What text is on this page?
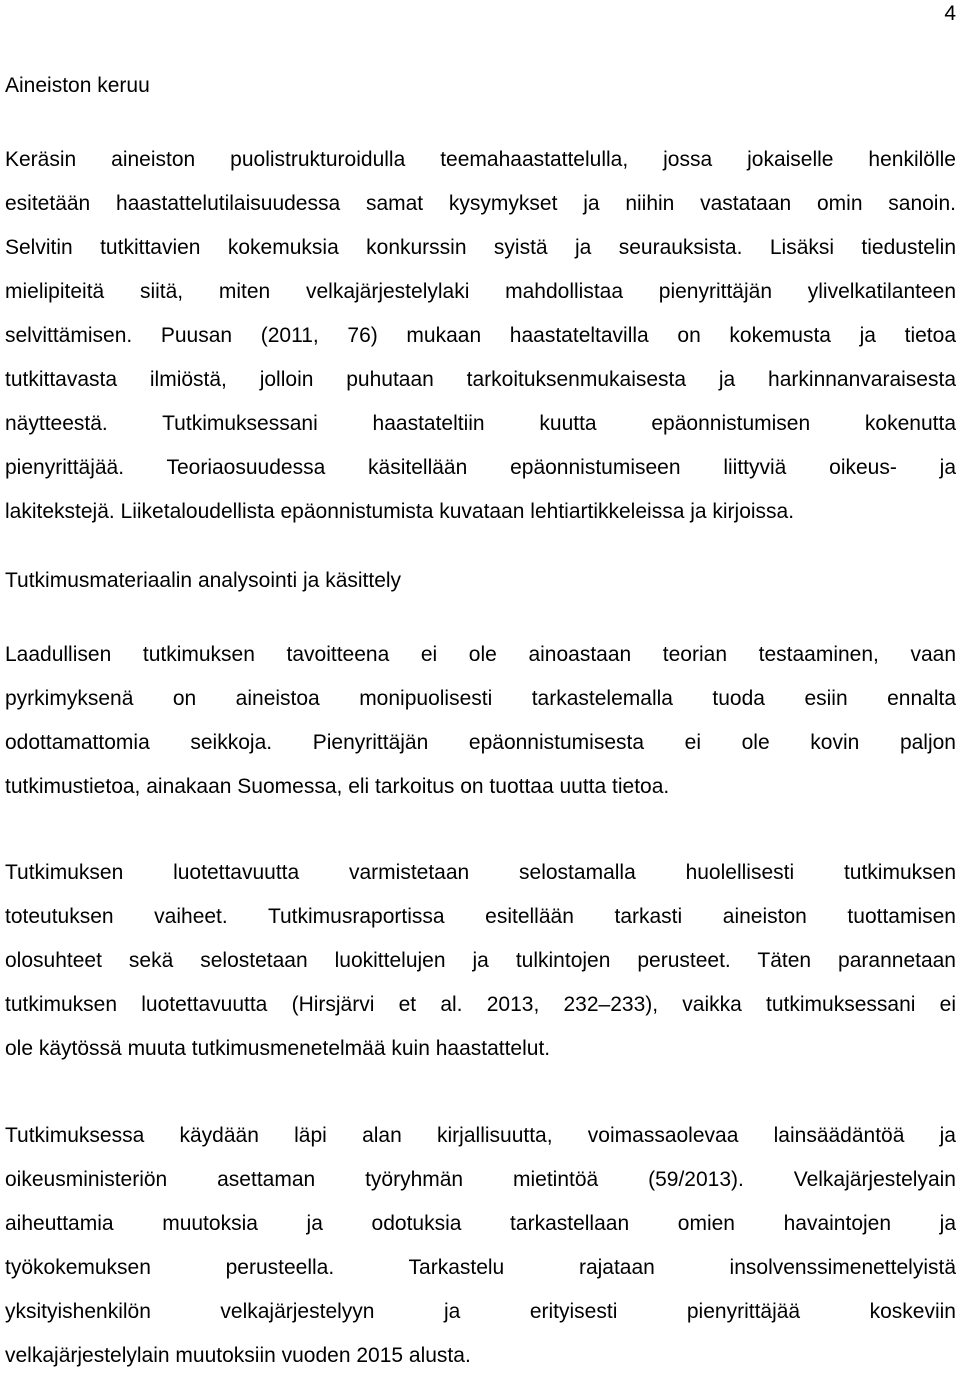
4
Aineiston keruu
Keräsin aineiston puolistrukturoidulla teemahaastattelulla, jossa jokaiselle henkilölle
esitetään haastattelutilaisuudessa samat kysymykset ja niihin vastataan omin sanoin.
Selvitin tutkittavien kokemuksia konkurssin syistä ja seurauksista. Lisäksi tiedustelin
mielipiteitä siitä, miten velkajärjestelylaki mahdollistaa pienyrittäjän ylivelkatilanteen
selvittämisen. Puusan (2011, 76) mukaan haastateltavilla on kokemusta ja tietoa
tutkittavasta ilmiöstä, jolloin puhutaan tarkoituksenmukaisesta ja harkinnanvaraisesta
näytteestä. Tutkimuksessani haastateltiin kuutta epäonnistumisen kokenutta
pienyrittäjää. Teoriaosuudessa käsitellään epäonnistumiseen liittyviä oikeus- ja
lakitekstejä. Liiketaloudellista epäonnistumista kuvataan lehtiartikkeleissa ja kirjoissa.
Tutkimusmateriaalin analysointi ja käsittely
Laadullisen tutkimuksen tavoitteena ei ole ainoastaan teorian testaaminen, vaan
pyrkimyksenä on aineistoa monipuolisesti tarkastelemalla tuoda esiin ennalta
odottamattomia seikkoja. Pienyrittäjän epäonnistumisesta ei ole kovin paljon
tutkimustietoa, ainakaan Suomessa, eli tarkoitus on tuottaa uutta tietoa.
Tutkimuksen luotettavuutta varmistetaan selostamalla huolellisesti tutkimuksen
toteutuksen vaiheet. Tutkimusraportissa esitellään tarkasti aineiston tuottamisen
olosuhteet sekä selostetaan luokittelujen ja tulkintojen perusteet. Täten parannetaan
tutkimuksen luotettavuutta (Hirsjärvi et al. 2013, 232–233), vaikka tutkimuksessani ei
ole käytössä muuta tutkimusmenetelmää kuin haastattelut.
Tutkimuksessa käydään läpi alan kirjallisuutta, voimassaolevaa lainsäädäntöä ja
oikeusministeriön asettaman työryhmän mietintöä (59/2013). Velkajärjestelyain
aiheuttamia muutoksia ja odotuksia tarkastellaan omien havaintojen ja
työkokemuksen perusteella. Tarkastelu rajataan insolvenssimenettelyistä
yksityishenkilön velkajärjestelyyn ja erityisesti pienyrittäjää koskeviin
velkajärjestelylain muutoksiin vuoden 2015 alusta.
